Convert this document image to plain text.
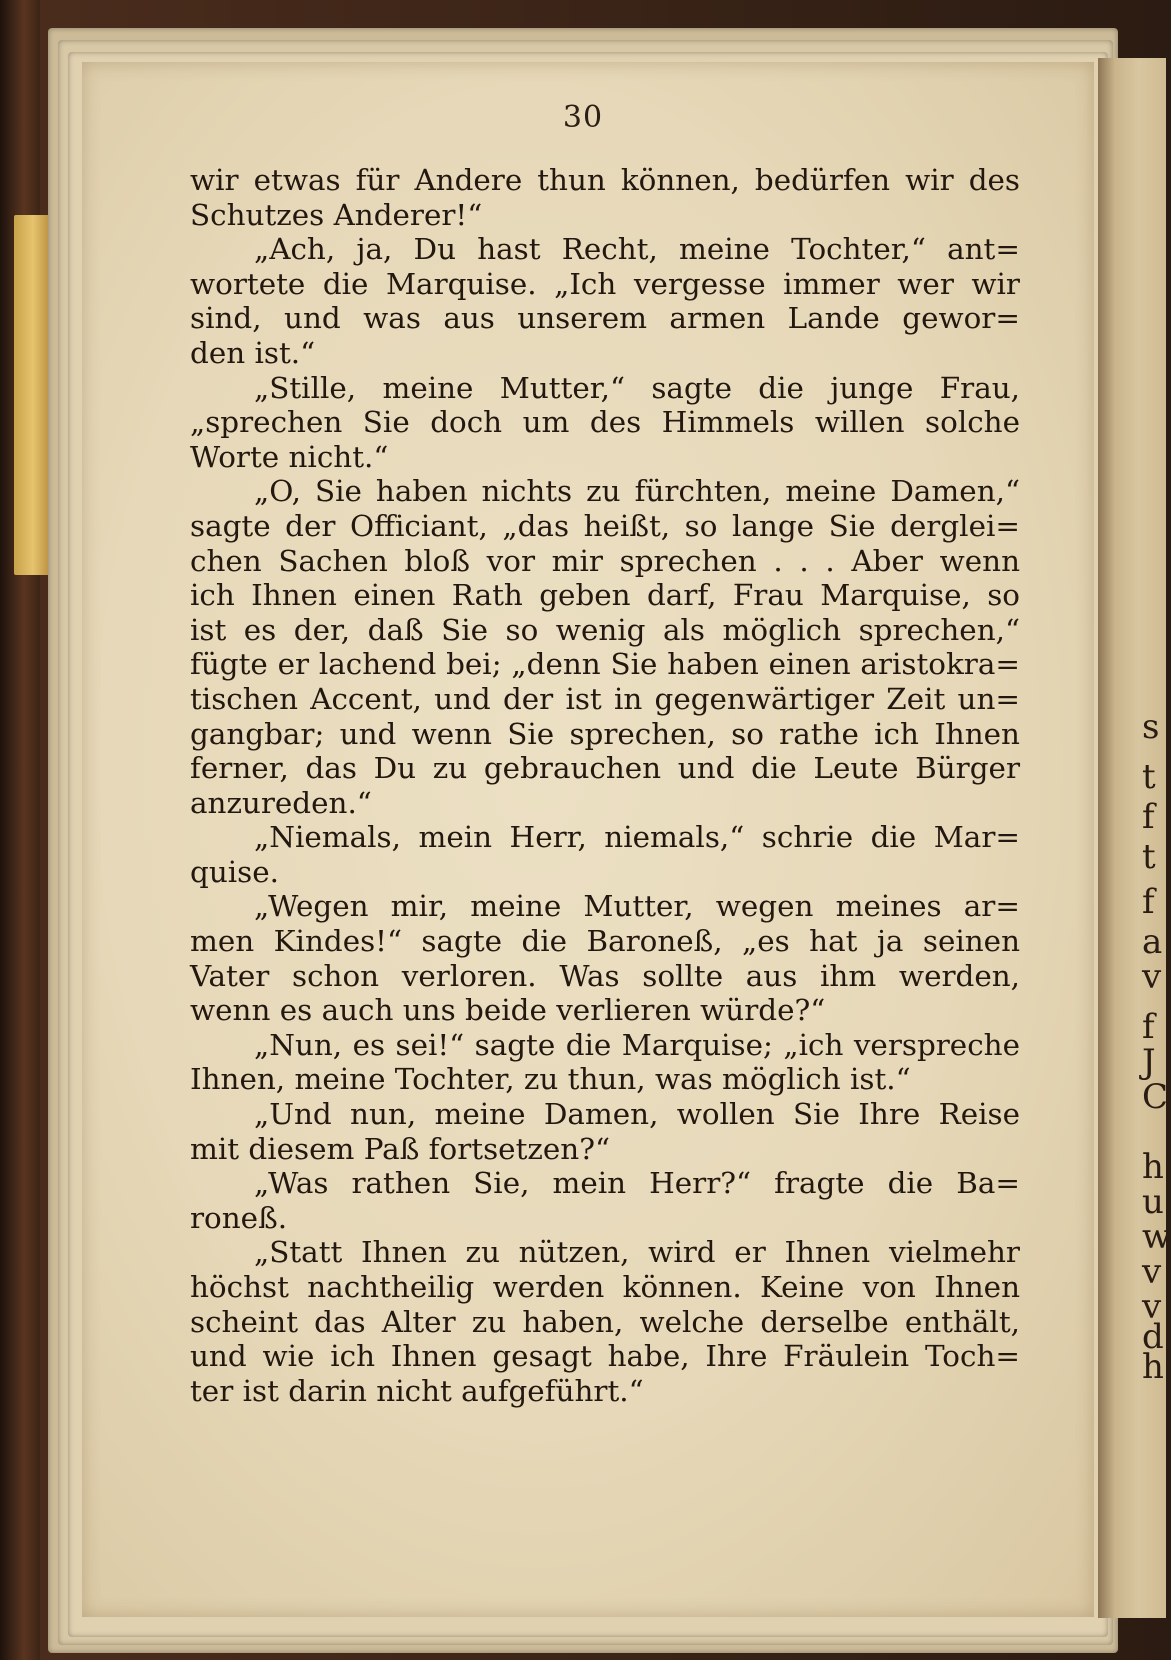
s
t
f
t
f
a
v
f
J
C
h
u
w
v
v
d
h
30
wir etwas für Andere thun können, bedürfen wir des
Schutzes Anderer!“
„Ach, ja, Du hast Recht, meine Tochter,“ ant=
wortete die Marquise. „Ich vergesse immer wer wir
sind, und was aus unserem armen Lande gewor=
den ist.“
„Stille, meine Mutter,“ sagte die junge Frau,
„sprechen Sie doch um des Himmels willen solche
Worte nicht.“
„O, Sie haben nichts zu fürchten, meine Damen,“
sagte der Officiant, „das heißt, so lange Sie derglei=
chen Sachen bloß vor mir sprechen . . . Aber wenn
ich Ihnen einen Rath geben darf, Frau Marquise, so
ist es der, daß Sie so wenig als möglich sprechen,“
fügte er lachend bei; „denn Sie haben einen aristokra=
tischen Accent, und der ist in gegenwärtiger Zeit un=
gangbar; und wenn Sie sprechen, so rathe ich Ihnen
ferner, das Du zu gebrauchen und die Leute Bürger
anzureden.“
„Niemals, mein Herr, niemals,“ schrie die Mar=
quise.
„Wegen mir, meine Mutter, wegen meines ar=
men Kindes!“ sagte die Baroneß, „es hat ja seinen
Vater schon verloren. Was sollte aus ihm werden,
wenn es auch uns beide verlieren würde?“
„Nun, es sei!“ sagte die Marquise; „ich verspreche
Ihnen, meine Tochter, zu thun, was möglich ist.“
„Und nun, meine Damen, wollen Sie Ihre Reise
mit diesem Paß fortsetzen?“
„Was rathen Sie, mein Herr?“ fragte die Ba=
roneß.
„Statt Ihnen zu nützen, wird er Ihnen vielmehr
höchst nachtheilig werden können. Keine von Ihnen
scheint das Alter zu haben, welche derselbe enthält,
und wie ich Ihnen gesagt habe, Ihre Fräulein Toch=
ter ist darin nicht aufgeführt.“
